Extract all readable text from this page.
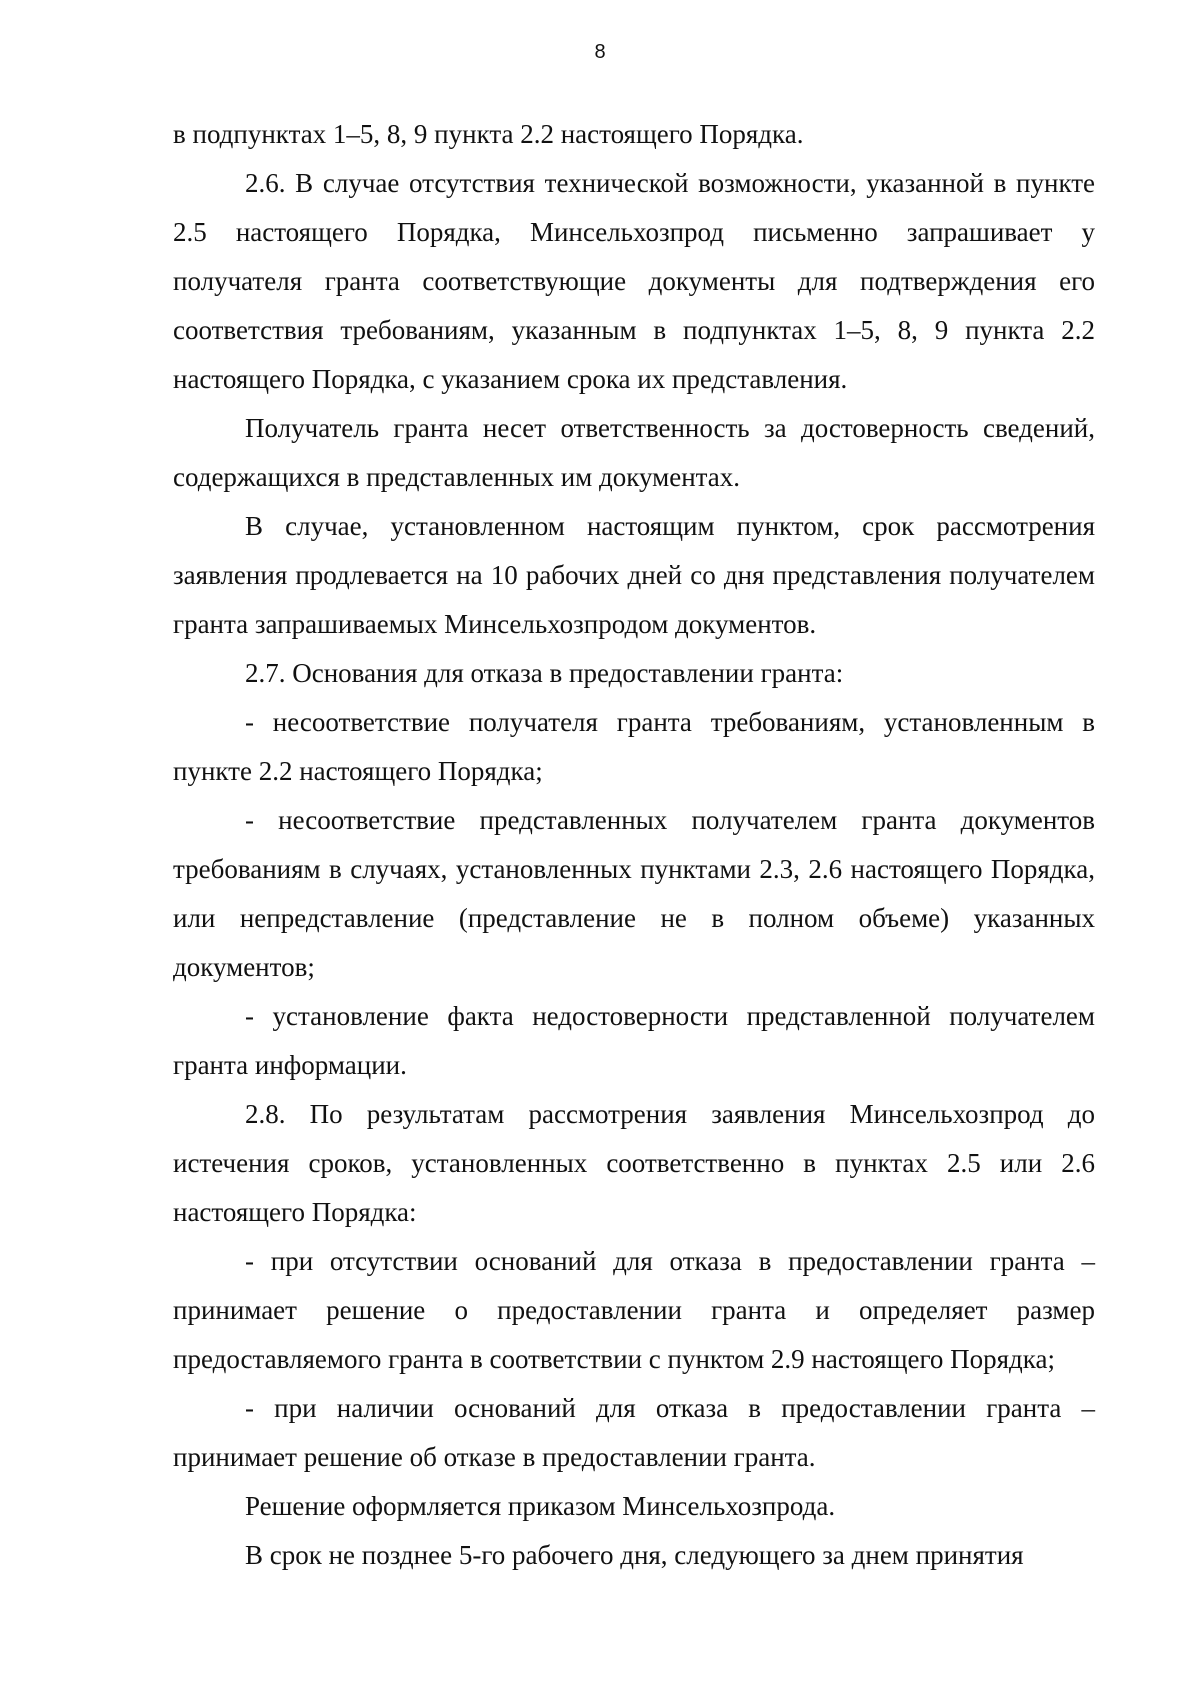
8

в подпунктах 1–5, 8, 9 пункта 2.2 настоящего Порядка.

2.6. В случае отсутствия технической возможности, указанной в пункте 2.5 настоящего Порядка, Минсельхозпрод письменно запрашивает у получателя гранта соответствующие документы для подтверждения его соответствия требованиям, указанным в подпунктах 1–5, 8, 9 пункта 2.2 настоящего Порядка, с указанием срока их представления.

Получатель гранта несет ответственность за достоверность сведений, содержащихся в представленных им документах.

В случае, установленном настоящим пунктом, срок рассмотрения заявления продлевается на 10 рабочих дней со дня представления получателем гранта запрашиваемых Минсельхозпродом документов.

2.7. Основания для отказа в предоставлении гранта:

- несоответствие получателя гранта требованиям, установленным в пункте 2.2 настоящего Порядка;

- несоответствие представленных получателем гранта документов требованиям в случаях, установленных пунктами 2.3, 2.6 настоящего Порядка, или непредставление (представление не в полном объеме) указанных документов;

- установление факта недостоверности представленной получателем гранта информации.

2.8. По результатам рассмотрения заявления Минсельхозпрод до истечения сроков, установленных соответственно в пунктах 2.5 или 2.6 настоящего Порядка:

- при отсутствии оснований для отказа в предоставлении гранта – принимает решение о предоставлении гранта и определяет размер предоставляемого гранта в соответствии с пунктом 2.9 настоящего Порядка;

- при наличии оснований для отказа в предоставлении гранта – принимает решение об отказе в предоставлении гранта.

Решение оформляется приказом Минсельхозпрода.

В срок не позднее 5-го рабочего дня, следующего за днем принятия
